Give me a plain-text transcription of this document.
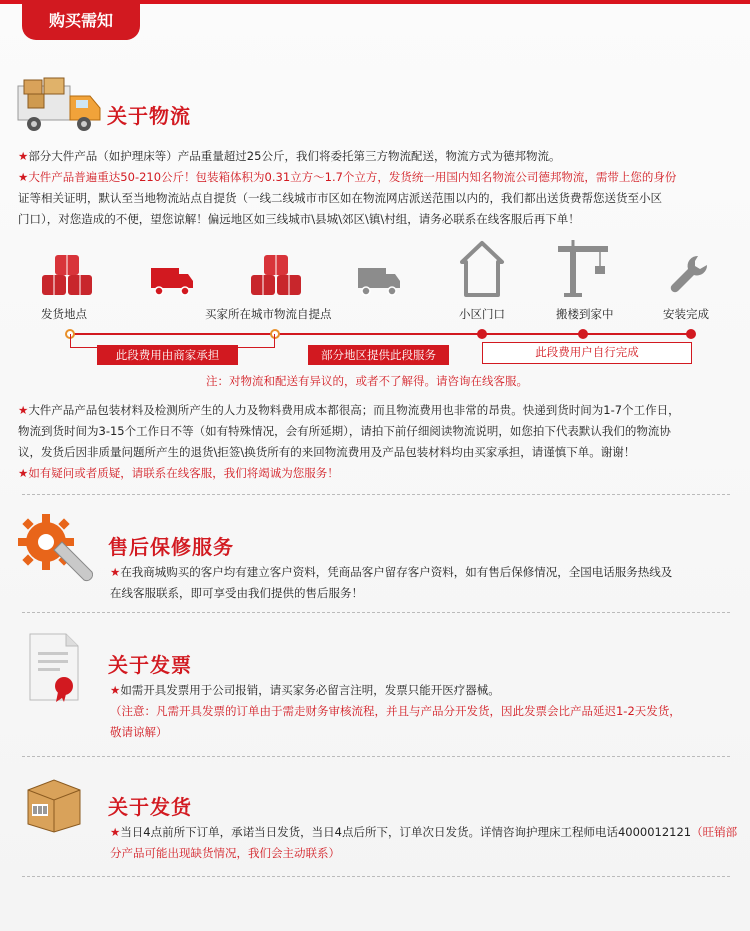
购买需知
关于物流
★部分大件产品（如护理床等）产品重量超过25公斤，我们将委托第三方物流配送，物流方式为德邦物流。
★大件产品普遍重达50-210公斤！包装箱体积为0.31立方～1.7个立方，发货统一用国内知名物流公司德邦物流，需带上您的身份
证等相关证明，默认至当地物流站点自提货（一线二线城市市区如在物流网店派送范围以内的，我们都出送货费帮您送货至小区
门口），对您造成的不便，望您谅解！偏远地区如三线城市\县城\郊区\镇\村组，请务必联系在线客服后再下单！
发货地点	买家所在城市物流自提点	小区门口	搬楼到家中	安装完成
此段费用由商家承担	部分地区提供此段服务	此段费用户自行完成
注：对物流和配送有异议的，或者不了解得。请咨询在线客服。
★大件产品产品包装材料及检测所产生的人力及物料费用成本都很高；而且物流费用也非常的昂贵。快递到货时间为1-7个工作日，
物流到货时间为3-15个工作日不等（如有特殊情况，会有所延期），请拍下前仔细阅读物流说明，如您拍下代表默认我们的物流协
议，发货后因非质量问题所产生的退货\拒签\换货所有的来回物流费用及产品包装材料均由买家承担，请谨慎下单。谢谢！
★如有疑问或者质疑，请联系在线客服，我们将竭诚为您服务！
售后保修服务
★在我商城购买的客户均有建立客户资料，凭商品客户留存客户资料，如有售后保修情况，全国电话服务热线及
在线客服联系，即可享受由我们提供的售后服务！
关于发票
★如需开具发票用于公司报销，请买家务必留言注明，发票只能开医疗器械。
（注意：凡需开具发票的订单由于需走财务审核流程，并且与产品分开发货，因此发票会比产品延迟1-2天发货，
敬请谅解）
关于发货
★当日4点前所下订单，承诺当日发货，当日4点后所下，订单次日发货。详情咨询护理床工程师电话4000012121（旺销部
分产品可能出现缺货情况，我们会主动联系）
